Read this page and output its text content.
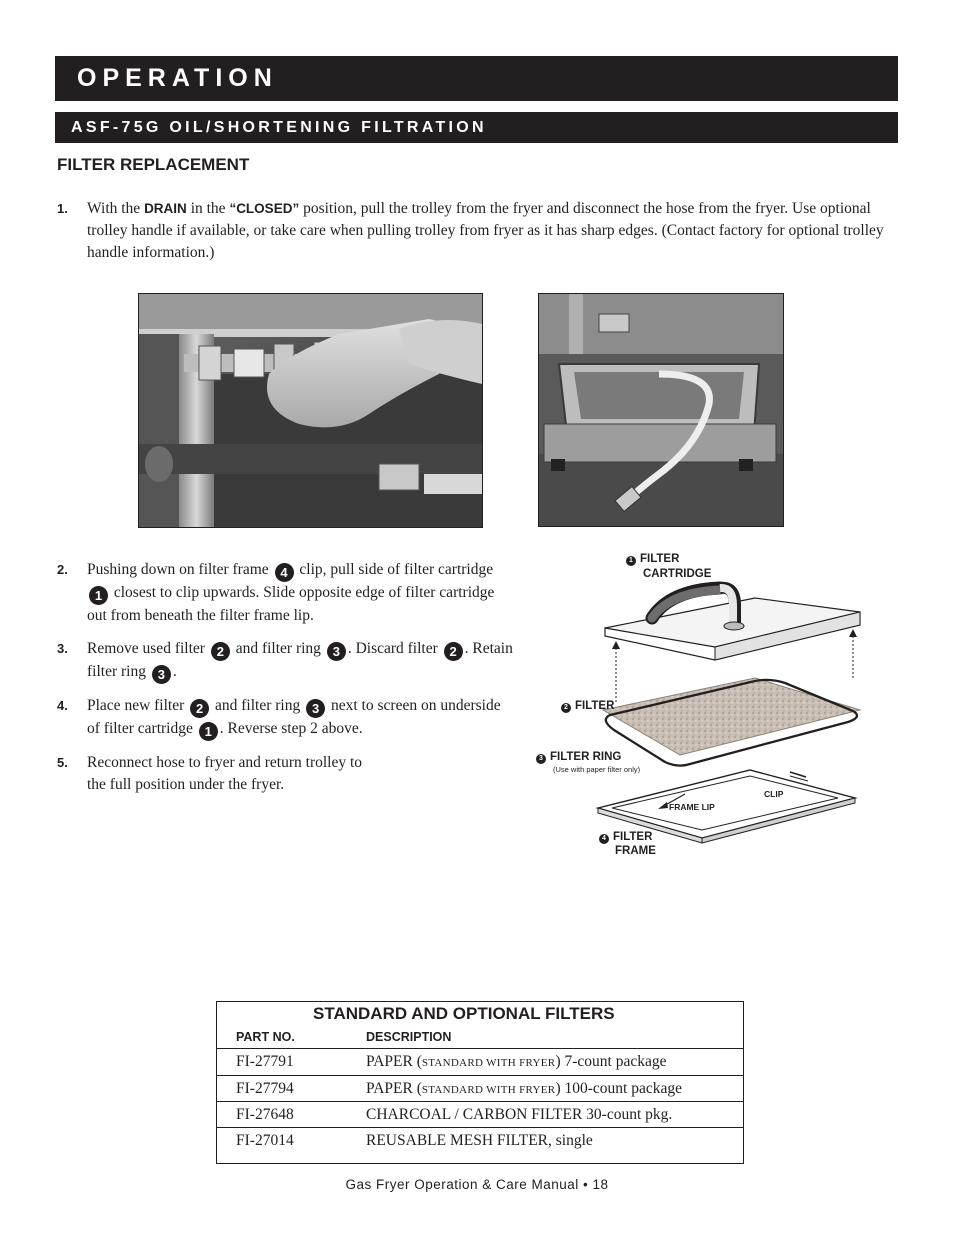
OPERATION
ASF-75G OIL/SHORTENING FILTRATION
FILTER REPLACEMENT
1. With the DRAIN in the “CLOSED” position, pull the trolley from the fryer and disconnect the hose from the fryer. Use optional trolley handle if available, or take care when pulling trolley from fryer as it has sharp edges. (Contact factory for optional trolley handle information.)
2. Pushing down on filter frame 4 clip, pull side of filter cartridge 1 closest to clip upwards. Slide opposite edge of filter cartridge out from beneath the filter frame lip.
3. Remove used filter 2 and filter ring 3 . Discard filter 2 . Retain filter ring 3 .
4. Place new filter 2 and filter ring 3 next to screen on underside of filter cartridge 1 . Reverse step 2 above.
5. Reconnect hose to fryer and return trolley to
the full position under the fryer.
1 FILTER
CARTRIDGE
2 FILTER
3 FILTER RING
(Use with paper filter only)
CLIP
FRAME LIP
4 FILTER
FRAME
STANDARD AND OPTIONAL FILTERS
PART NO.	DESCRIPTION
FI-27791	PAPER (STANDARD WITH FRYER) 7-count package
FI-27794	PAPER (STANDARD WITH FRYER) 100-count package
FI-27648	CHARCOAL / CARBON FILTER 30-count pkg.
FI-27014	REUSABLE MESH FILTER, single
Gas Fryer Operation & Care Manual • 18
